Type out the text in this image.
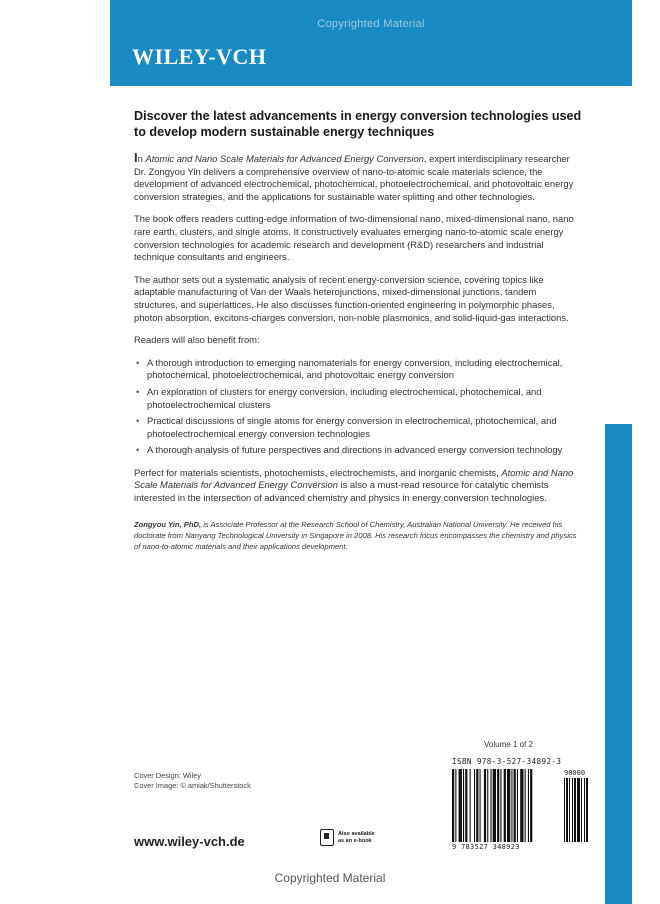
Copyrighted Material
WILEY-VCH

Discover the latest advancements in energy conversion technologies used to develop modern sustainable energy techniques

In Atomic and Nano Scale Materials for Advanced Energy Conversion, expert interdisciplinary researcher Dr. Zongyou Yin delivers a comprehensive overview of nano-to-atomic scale materials science, the development of advanced electrochemical, photochemical, photoelectrochemical, and photovoltaic energy conversion strategies, and the applications for sustainable water splitting and other technologies.

The book offers readers cutting-edge information of two-dimensional nano, mixed-dimensional nano, nano rare earth, clusters, and single atoms. It constructively evaluates emerging nano-to-atomic scale energy conversion technologies for academic research and development (R&D) researchers and industrial technique consultants and engineers.

The author sets out a systematic analysis of recent energy-conversion science, covering topics like adaptable manufacturing of Van der Waals heterojunctions, mixed-dimensional junctions, tandem structures, and superlattices. He also discusses function-oriented engineering in polymorphic phases, photon absorption, excitons-charges conversion, non-noble plasmonics, and solid-liquid-gas interactions.

Readers will also benefit from:

• A thorough introduction to emerging nanomaterials for energy conversion, including electrochemical, photochemical, photoelectrochemical, and photovoltaic energy conversion
• An exploration of clusters for energy conversion, including electrochemical, photochemical, and photoelectrochemical clusters
• Practical discussions of single atoms for energy conversion in electrochemical, photochemical, and photoelectrochemical energy conversion technologies
• A thorough analysis of future perspectives and directions in advanced energy conversion technology

Perfect for materials scientists, photochemists, electrochemists, and inorganic chemists, Atomic and Nano Scale Materials for Advanced Energy Conversion is also a must-read resource for catalytic chemists interested in the intersection of advanced chemistry and physics in energy conversion technologies.

Zongyou Yin, PhD, is Associate Professor at the Research School of Chemistry, Australian National University. He received his doctorate from Nanyang Technological University in Singapore in 2008. His research focus encompasses the chemistry and physics of nano-to-atomic materials and their applications development.

Volume 1 of 2
ISBN 978-3-527-34892-3
9 783527 348923
90000
Cover Design: Wiley
Cover Image: © amiak/Shutterstock
www.wiley-vch.de	Also available as an e-book
Copyrighted Material
